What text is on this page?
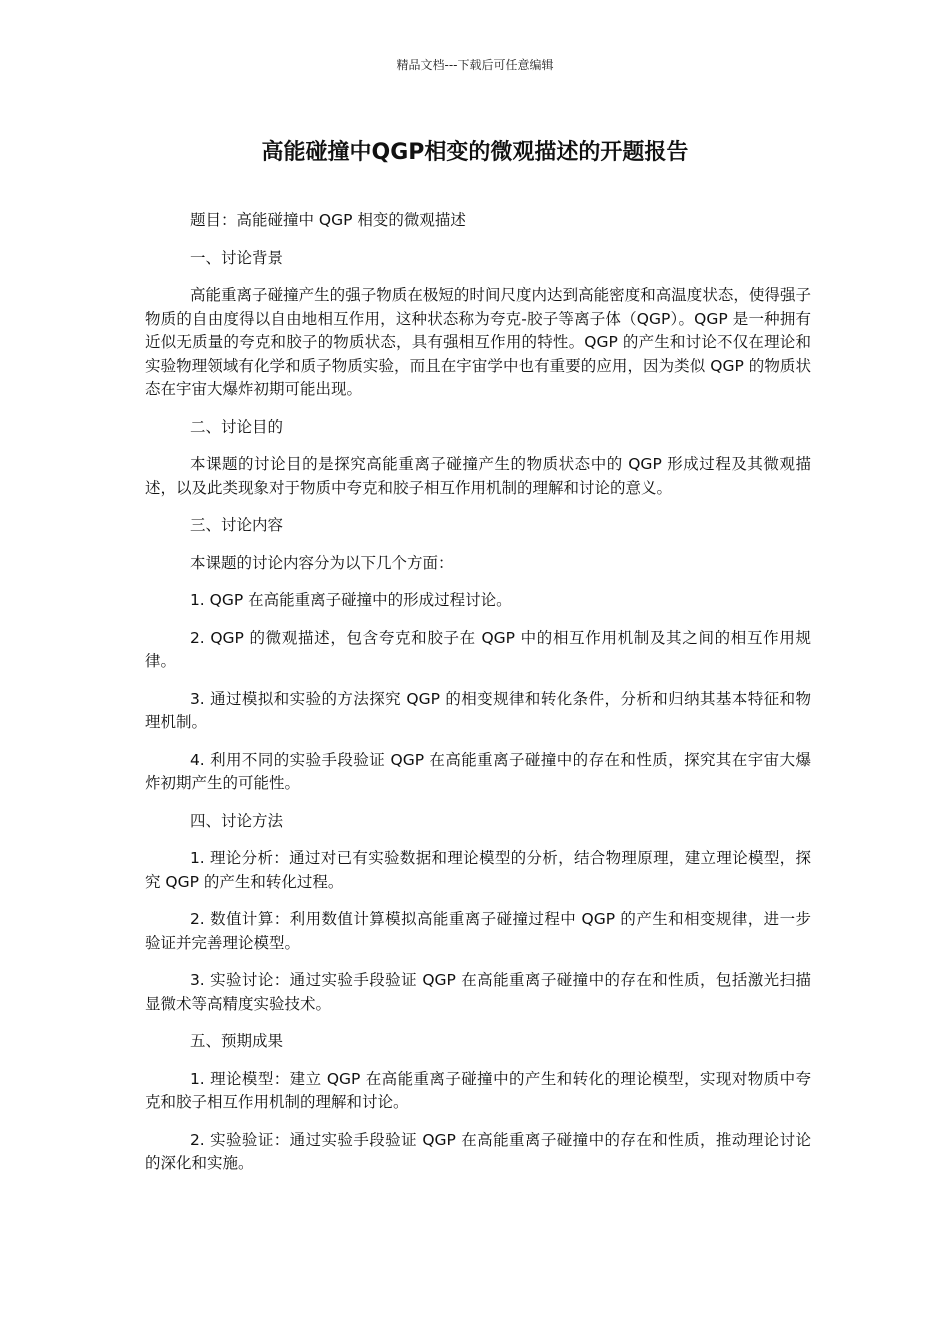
精品文档---下载后可任意编辑
高能碰撞中QGP相变的微观描述的开题报告

题目：高能碰撞中 QGP 相变的微观描述

一、讨论背景

高能重离子碰撞产生的强子物质在极短的时间尺度内达到高能密度和高温度状态，使得强子物质的自由度得以自由地相互作用，这种状态称为夸克-胶子等离子体（QGP）。QGP 是一种拥有近似无质量的夸克和胶子的物质状态，具有强相互作用的特性。QGP 的产生和讨论不仅在理论和实验物理领域有化学和质子物质实验，而且在宇宙学中也有重要的应用，因为类似 QGP 的物质状态在宇宙大爆炸初期可能出现。

二、讨论目的

本课题的讨论目的是探究高能重离子碰撞产生的物质状态中的 QGP 形成过程及其微观描述，以及此类现象对于物质中夸克和胶子相互作用机制的理解和讨论的意义。

三、讨论内容

本课题的讨论内容分为以下几个方面：

1. QGP 在高能重离子碰撞中的形成过程讨论。

2. QGP 的微观描述，包含夸克和胶子在 QGP 中的相互作用机制及其之间的相互作用规律。

3. 通过模拟和实验的方法探究 QGP 的相变规律和转化条件，分析和归纳其基本特征和物理机制。

4. 利用不同的实验手段验证 QGP 在高能重离子碰撞中的存在和性质，探究其在宇宙大爆炸初期产生的可能性。

四、讨论方法

1. 理论分析：通过对已有实验数据和理论模型的分析，结合物理原理，建立理论模型，探究 QGP 的产生和转化过程。

2. 数值计算：利用数值计算模拟高能重离子碰撞过程中 QGP 的产生和相变规律，进一步验证并完善理论模型。

3. 实验讨论：通过实验手段验证 QGP 在高能重离子碰撞中的存在和性质，包括激光扫描显微术等高精度实验技术。

五、预期成果

1. 理论模型：建立 QGP 在高能重离子碰撞中的产生和转化的理论模型，实现对物质中夸克和胶子相互作用机制的理解和讨论。

2. 实验验证：通过实验手段验证 QGP 在高能重离子碰撞中的存在和性质，推动理论讨论的深化和实施。
